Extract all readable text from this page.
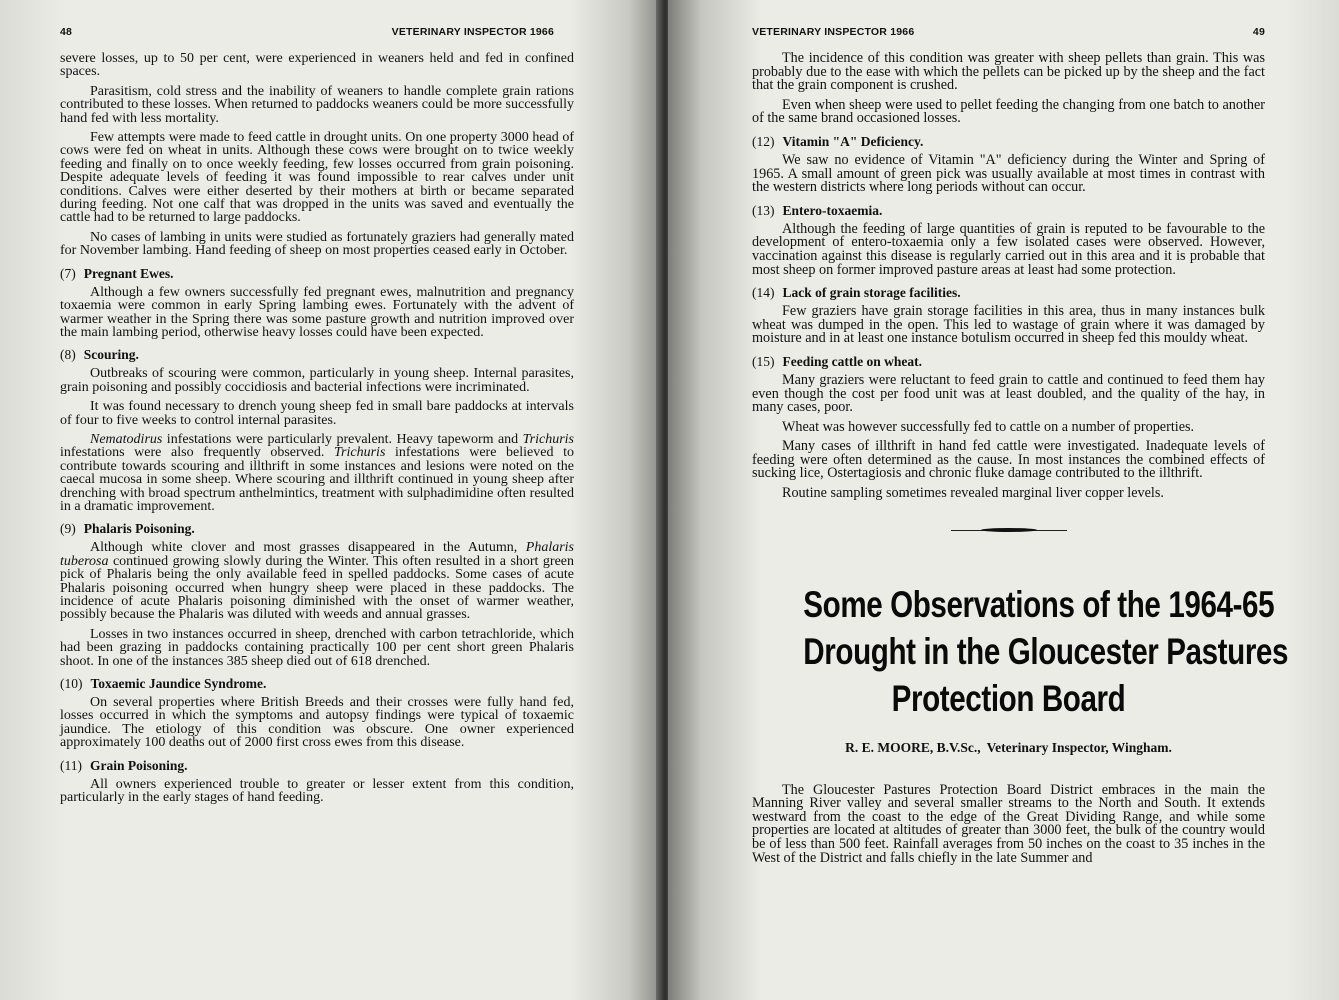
48	VETERINARY INSPECTOR 1966

severe losses, up to 50 per cent, were experienced in weaners held and fed in confined spaces.

Parasitism, cold stress and the inability of weaners to handle complete grain rations contributed to these losses. When returned to paddocks weaners could be more successfully hand fed with less mortality.

Few attempts were made to feed cattle in drought units. On one property 3000 head of cows were fed on wheat in units. Although these cows were brought on to twice weekly feeding and finally on to once weekly feeding, few losses occurred from grain poisoning. Despite adequate levels of feeding it was found impossible to rear calves under unit conditions. Calves were either deserted by their mothers at birth or became separated during feeding. Not one calf that was dropped in the units was saved and eventually the cattle had to be returned to large paddocks.

No cases of lambing in units were studied as fortunately graziers had generally mated for November lambing. Hand feeding of sheep on most properties ceased early in October.

(7) Pregnant Ewes.

Although a few owners successfully fed pregnant ewes, malnutrition and pregnancy toxaemia were common in early Spring lambing ewes. Fortunately with the advent of warmer weather in the Spring there was some pasture growth and nutrition improved over the main lambing period, otherwise heavy losses could have been expected.

(8) Scouring.

Outbreaks of scouring were common, particularly in young sheep. Internal parasites, grain poisoning and possibly coccidiosis and bacterial infections were incriminated.

It was found necessary to drench young sheep fed in small bare paddocks at intervals of four to five weeks to control internal parasites.

Nematodirus infestations were particularly prevalent. Heavy tapeworm and Trichuris infestations were also frequently observed. Trichuris infestations were believed to contribute towards scouring and illthrift in some instances and lesions were noted on the caecal mucosa in some sheep. Where scouring and illthrift continued in young sheep after drenching with broad spectrum anthelmintics, treatment with sulphadimidine often resulted in a dramatic improvement.

(9) Phalaris Poisoning.

Although white clover and most grasses disappeared in the Autumn, Phalaris tuberosa continued growing slowly during the Winter. This often resulted in a short green pick of Phalaris being the only available feed in spelled paddocks. Some cases of acute Phalaris poisoning occurred when hungry sheep were placed in these paddocks. The incidence of acute Phalaris poisoning diminished with the onset of warmer weather, possibly because the Phalaris was diluted with weeds and annual grasses.

Losses in two instances occurred in sheep, drenched with carbon tetrachloride, which had been grazing in paddocks containing practically 100 per cent short green Phalaris shoot. In one of the instances 385 sheep died out of 618 drenched.

(10) Toxaemic Jaundice Syndrome.

On several properties where British Breeds and their crosses were fully hand fed, losses occurred in which the symptoms and autopsy findings were typical of toxaemic jaundice. The etiology of this condition was obscure. One owner experienced approximately 100 deaths out of 2000 first cross ewes from this disease.

(11) Grain Poisoning.

All owners experienced trouble to greater or lesser extent from this condition, particularly in the early stages of hand feeding.

VETERINARY INSPECTOR 1966	49

The incidence of this condition was greater with sheep pellets than grain. This was probably due to the ease with which the pellets can be picked up by the sheep and the fact that the grain component is crushed.

Even when sheep were used to pellet feeding the changing from one batch to another of the same brand occasioned losses.

(12) Vitamin "A" Deficiency.

We saw no evidence of Vitamin "A" deficiency during the Winter and Spring of 1965. A small amount of green pick was usually available at most times in contrast with the western districts where long periods without can occur.

(13) Entero-toxaemia.

Although the feeding of large quantities of grain is reputed to be favourable to the development of entero-toxaemia only a few isolated cases were observed. However, vaccination against this disease is regularly carried out in this area and it is probable that most sheep on former improved pasture areas at least had some protection.

(14) Lack of grain storage facilities.

Few graziers have grain storage facilities in this area, thus in many instances bulk wheat was dumped in the open. This led to wastage of grain where it was damaged by moisture and in at least one instance botulism occurred in sheep fed this mouldy wheat.

(15) Feeding cattle on wheat.

Many graziers were reluctant to feed grain to cattle and continued to feed them hay even though the cost per food unit was at least doubled, and the quality of the hay, in many cases, poor.

Wheat was however successfully fed to cattle on a number of properties.

Many cases of illthrift in hand fed cattle were investigated. Inadequate levels of feeding were often determined as the cause. In most instances the combined effects of sucking lice, Ostertagiosis and chronic fluke damage contributed to the illthrift.

Routine sampling sometimes revealed marginal liver copper levels.

Some Observations of the 1964-65
Drought in the Gloucester Pastures
Protection Board
R. E. MOORE, B.V.Sc., Veterinary Inspector, Wingham.

The Gloucester Pastures Protection Board District embraces in the main the Manning River valley and several smaller streams to the North and South. It extends westward from the coast to the edge of the Great Dividing Range, and while some properties are located at altitudes of greater than 3000 feet, the bulk of the country would be of less than 500 feet. Rainfall averages from 50 inches on the coast to 35 inches in the West of the District and falls chiefly in the late Summer and
